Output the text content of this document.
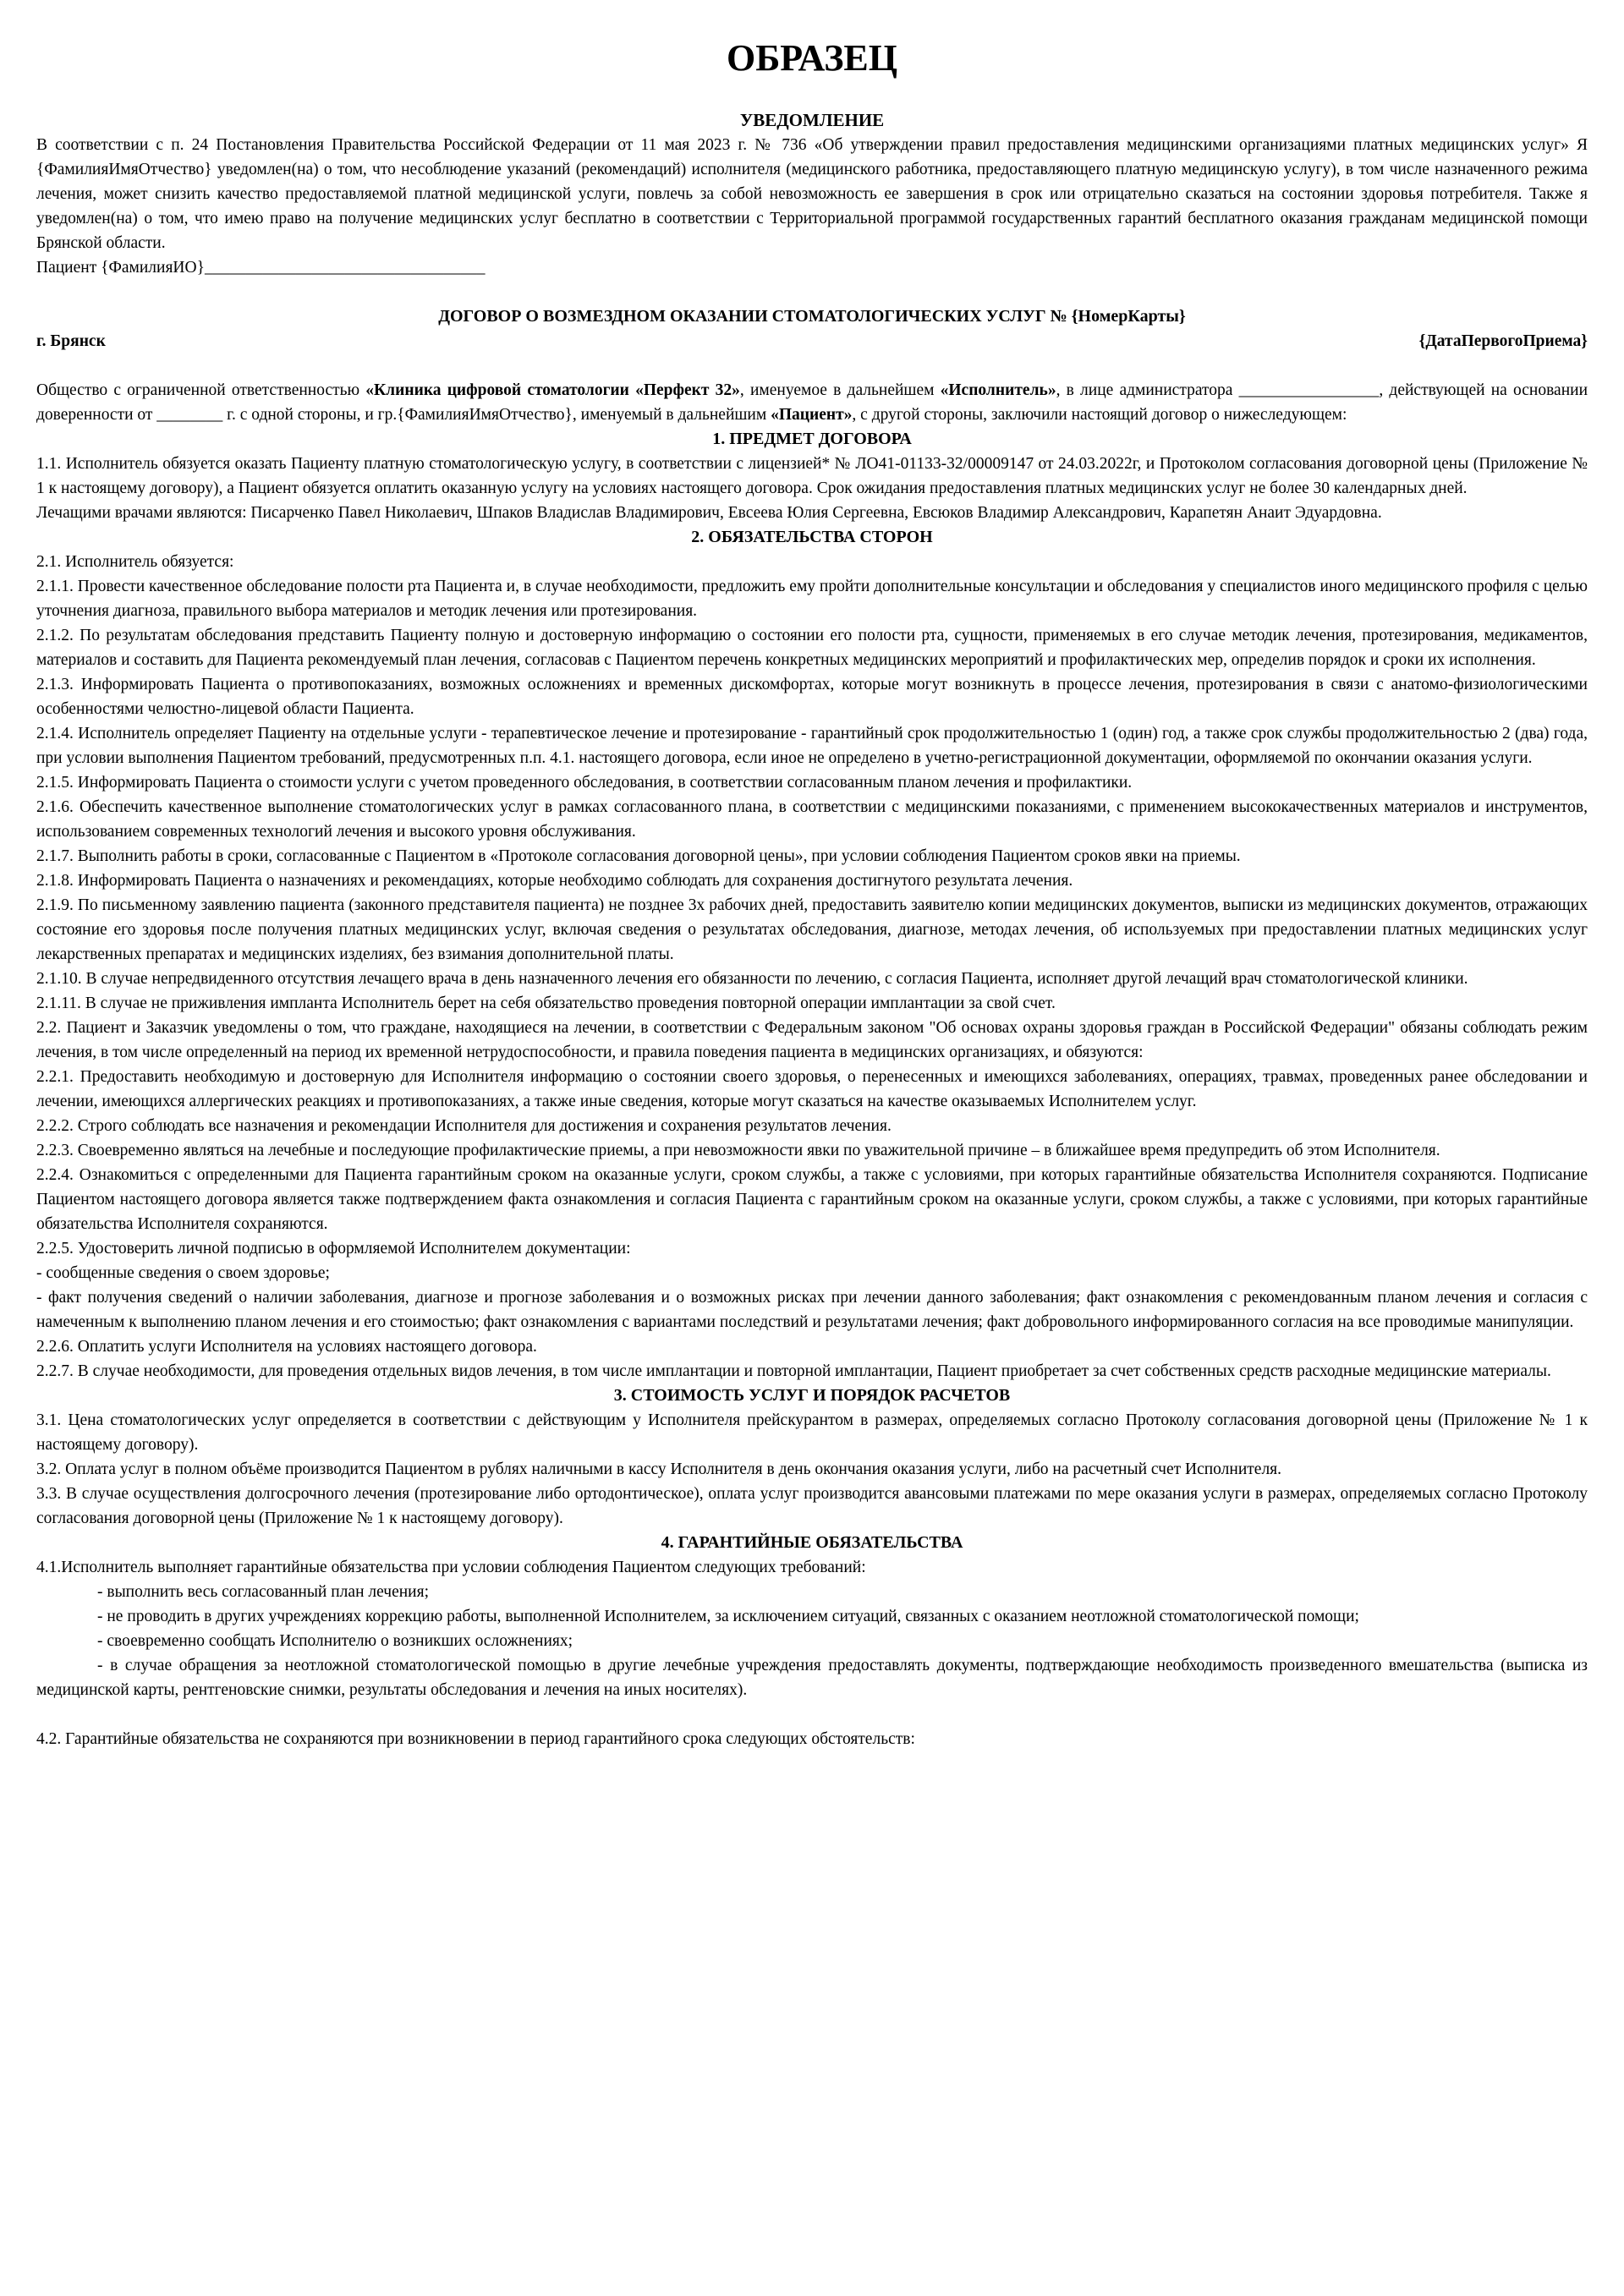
ОБРАЗЕЦ

УВЕДОМЛЕНИЕ

В соответствии с п. 24 Постановления Правительства Российской Федерации от 11 мая 2023 г. № 736 «Об утверждении правил предоставления медицинскими организациями платных медицинских услуг» Я {ФамилияИмяОтчество} уведомлен(на) о том, что несоблюдение указаний (рекомендаций) исполнителя (медицинского работника, предоставляющего платную медицинскую услугу), в том числе назначенного режима лечения, может снизить качество предоставляемой платной медицинской услуги, повлечь за собой невозможность ее завершения в срок или отрицательно сказаться на состоянии здоровья потребителя. Также я уведомлен(на) о том, что имею право на получение медицинских услуг бесплатно в соответствии с Территориальной программой государственных гарантий бесплатного оказания гражданам медицинской помощи Брянской области.

Пациент {ФамилияИО}__________________________________

ДОГОВОР О ВОЗМЕЗДНОМ ОКАЗАНИИ СТОМАТОЛОГИЧЕСКИХ УСЛУГ № {НомерКарты}

г. Брянск	{ДатаПервогоПриема}

Общество с ограниченной ответственностью «Клиника цифровой стоматологии «Перфект 32», именуемое в дальнейшем «Исполнитель», в лице администратора _________________, действующей на основании доверенности от ________ г. с одной стороны, и гр.{ФамилияИмяОтчество}, именуемый в дальнейшим «Пациент», с другой стороны, заключили настоящий договор о нижеследующем:

1. ПРЕДМЕТ ДОГОВОРА

1.1. Исполнитель обязуется оказать Пациенту платную стоматологическую услугу, в соответствии с лицензией* № ЛО41-01133-32/00009147 от 24.03.2022г, и Протоколом согласования договорной цены (Приложение № 1 к настоящему договору), а Пациент обязуется оплатить оказанную услугу на условиях настоящего договора. Срок ожидания предоставления платных медицинских услуг не более 30 календарных дней.

Лечащими врачами являются: Писарченко Павел Николаевич, Шпаков Владислав Владимирович, Евсеева Юлия Сергеевна, Евсюков Владимир Александрович, Карапетян Анаит Эдуардовна.

2. ОБЯЗАТЕЛЬСТВА СТОРОН

2.1. Исполнитель обязуется:

2.1.1. Провести качественное обследование полости рта Пациента и, в случае необходимости, предложить ему пройти дополнительные консультации и обследования у специалистов иного медицинского профиля с целью уточнения диагноза, правильного выбора материалов и методик лечения или протезирования.

2.1.2. По результатам обследования представить Пациенту полную и достоверную информацию о состоянии его полости рта, сущности, применяемых в его случае методик лечения, протезирования, медикаментов, материалов и составить для Пациента рекомендуемый план лечения, согласовав с Пациентом перечень конкретных медицинских мероприятий и профилактических мер, определив порядок и сроки их исполнения.

2.1.3. Информировать Пациента о противопоказаниях, возможных осложнениях и временных дискомфортах, которые могут возникнуть в процессе лечения, протезирования в связи с анатомо-физиологическими особенностями челюстно-лицевой области Пациента.

2.1.4. Исполнитель определяет Пациенту на отдельные услуги - терапевтическое лечение и протезирование - гарантийный срок продолжительностью 1 (один) год, а также срок службы продолжительностью 2 (два) года, при условии выполнения Пациентом требований, предусмотренных п.п. 4.1. настоящего договора, если иное не определено в учетно-регистрационной документации, оформляемой по окончании оказания услуги.

2.1.5. Информировать Пациента о стоимости услуги с учетом проведенного обследования, в соответствии согласованным планом лечения и профилактики.

2.1.6. Обеспечить качественное выполнение стоматологических услуг в рамках согласованного плана, в соответствии с медицинскими показаниями, с применением высококачественных материалов и инструментов, использованием современных технологий лечения и высокого уровня обслуживания.

2.1.7. Выполнить работы в сроки, согласованные с Пациентом в «Протоколе согласования договорной цены», при условии соблюдения Пациентом сроков явки на приемы.

2.1.8. Информировать Пациента о назначениях и рекомендациях, которые необходимо соблюдать для сохранения достигнутого результата лечения.

2.1.9. По письменному заявлению пациента (законного представителя пациента) не позднее 3х рабочих дней, предоставить заявителю копии медицинских документов, выписки из медицинских документов, отражающих состояние его здоровья после получения платных медицинских услуг, включая сведения о результатах обследования, диагнозе, методах лечения, об используемых при предоставлении платных медицинских услуг лекарственных препаратах и медицинских изделиях, без взимания дополнительной платы.

2.1.10. В случае непредвиденного отсутствия лечащего врача в день назначенного лечения его обязанности по лечению, с согласия Пациента, исполняет другой лечащий врач стоматологической клиники.

2.1.11. В случае не приживления импланта Исполнитель берет на себя обязательство проведения повторной операции имплантации за свой счет.

2.2. Пациент и Заказчик уведомлены о том, что граждане, находящиеся на лечении, в соответствии с Федеральным законом "Об основах охраны здоровья граждан в Российской Федерации" обязаны соблюдать режим лечения, в том числе определенный на период их временной нетрудоспособности, и правила поведения пациента в медицинских организациях, и обязуются:

2.2.1. Предоставить необходимую и достоверную для Исполнителя информацию о состоянии своего здоровья, о перенесенных и имеющихся заболеваниях, операциях, травмах, проведенных ранее обследовании и лечении, имеющихся аллергических реакциях и противопоказаниях, а также иные сведения, которые могут сказаться на качестве оказываемых Исполнителем услуг.

2.2.2. Строго соблюдать все назначения и рекомендации Исполнителя для достижения и сохранения результатов лечения.

2.2.3. Своевременно являться на лечебные и последующие профилактические приемы, а при невозможности явки по уважительной причине – в ближайшее время предупредить об этом Исполнителя.

2.2.4. Ознакомиться с определенными для Пациента гарантийным сроком на оказанные услуги, сроком службы, а также с условиями, при которых гарантийные обязательства Исполнителя сохраняются. Подписание Пациентом настоящего договора является также подтверждением факта ознакомления и согласия Пациента с гарантийным сроком на оказанные услуги, сроком службы, а также с условиями, при которых гарантийные обязательства Исполнителя сохраняются.

2.2.5. Удостоверить личной подписью в оформляемой Исполнителем документации:

- сообщенные сведения о своем здоровье;

- факт получения сведений о наличии заболевания, диагнозе и прогнозе заболевания и о возможных рисках при лечении данного заболевания; факт ознакомления с рекомендованным планом лечения и согласия с намеченным к выполнению планом лечения и его стоимостью; факт ознакомления с вариантами последствий и результатами лечения; факт добровольного информированного согласия на все проводимые манипуляции.

2.2.6. Оплатить услуги Исполнителя на условиях настоящего договора.

2.2.7. В случае необходимости, для проведения отдельных видов лечения, в том числе имплантации и повторной имплантации, Пациент приобретает за счет собственных средств расходные медицинские материалы.

3. СТОИМОСТЬ УСЛУГ И ПОРЯДОК РАСЧЕТОВ

3.1. Цена стоматологических услуг определяется в соответствии с действующим у Исполнителя прейскурантом в размерах, определяемых согласно Протоколу согласования договорной цены (Приложение № 1 к настоящему договору).

3.2. Оплата услуг в полном объёме производится Пациентом в рублях наличными в кассу Исполнителя в день окончания оказания услуги, либо на расчетный счет Исполнителя.

3.3. В случае осуществления долгосрочного лечения (протезирование либо ортодонтическое), оплата услуг производится авансовыми платежами по мере оказания услуги в размерах, определяемых согласно Протоколу согласования договорной цены (Приложение № 1 к настоящему договору).

4. ГАРАНТИЙНЫЕ ОБЯЗАТЕЛЬСТВА

4.1.Исполнитель выполняет гарантийные обязательства при условии соблюдения Пациентом следующих требований:

- выполнить весь согласованный план лечения;

- не проводить в других учреждениях коррекцию работы, выполненной Исполнителем, за исключением ситуаций, связанных с оказанием неотложной стоматологической помощи;

- своевременно сообщать Исполнителю о возникших осложнениях;

- в случае обращения за неотложной стоматологической помощью в другие лечебные учреждения предоставлять документы, подтверждающие необходимость произведенного вмешательства (выписка из медицинской карты, рентгеновские снимки, результаты обследования и лечения на иных носителях).

4.2. Гарантийные обязательства не сохраняются при возникновении в период гарантийного срока следующих обстоятельств:
